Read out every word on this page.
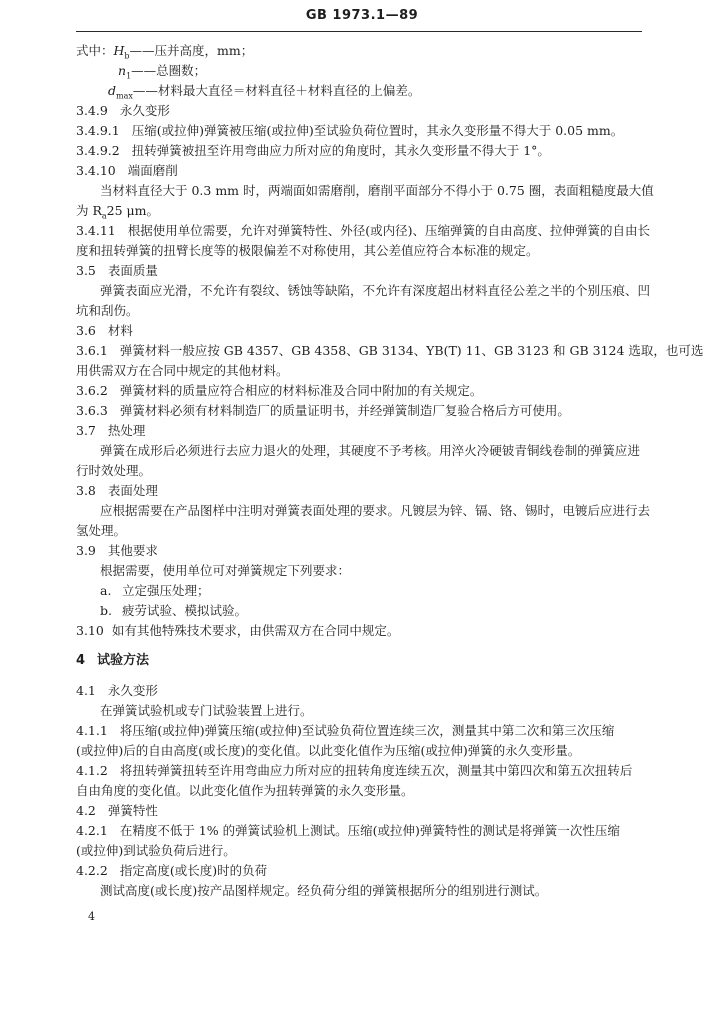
GB 1973.1—89
式中：$H_b——$压并高度，mm；
$n_1——$总圈数；
$d_{max}——$材料最大直径＝材料直径＋材料直径的上偏差。
3.4.9 永久变形
3.4.9.1 压缩(或拉伸)弹簧被压缩(或拉伸)至试验负荷位置时，其永久变形量不得大于 0.05 mm。
3.4.9.2 扭转弹簧被扭至许用弯曲应力所对应的角度时，其永久变形量不得大于 1°。
3.4.10 端面磨削
当材料直径大于 0.3 mm 时，两端面如需磨削，磨削平面部分不得小于 0.75 圈，表面粗糙度最大值
为 $R_a25$ μm。
3.4.11 根据使用单位需要，允许对弹簧特性、外径(或内径)、压缩弹簧的自由高度、拉伸弹簧的自由长
度和扭转弹簧的扭臂长度等的极限偏差不对称使用，其公差值应符合本标准的规定。
3.5 表面质量
弹簧表面应光滑，不允许有裂纹、锈蚀等缺陷，不允许有深度超出材料直径公差之半的个别压痕、凹
坑和刮伤。
3.6 材料
3.6.1 弹簧材料一般应按 GB 4357、GB 4358、GB 3134、YB(T) 11、GB 3123 和 GB 3124 选取，也可选
用供需双方在合同中规定的其他材料。
3.6.2 弹簧材料的质量应符合相应的材料标准及合同中附加的有关规定。
3.6.3 弹簧材料必须有材料制造厂的质量证明书，并经弹簧制造厂复验合格后方可使用。
3.7 热处理
弹簧在成形后必须进行去应力退火的处理，其硬度不予考核。用淬火冷硬铍青铜线卷制的弹簧应进
行时效处理。
3.8 表面处理
应根据需要在产品图样中注明对弹簧表面处理的要求。凡镀层为锌、镉、铬、锡时，电镀后应进行去
氢处理。
3.9 其他要求
根据需要，使用单位可对弹簧规定下列要求：
a. 立定强压处理；
b. 疲劳试验、模拟试验。
3.10 如有其他特殊技术要求，由供需双方在合同中规定。
4 试验方法
4.1 永久变形
在弹簧试验机或专门试验装置上进行。
4.1.1 将压缩(或拉伸)弹簧压缩(或拉伸)至试验负荷位置连续三次，测量其中第二次和第三次压缩
(或拉伸)后的自由高度(或长度)的变化值。以此变化值作为压缩(或拉伸)弹簧的永久变形量。
4.1.2 将扭转弹簧扭转至许用弯曲应力所对应的扭转角度连续五次，测量其中第四次和第五次扭转后
自由角度的变化值。以此变化值作为扭转弹簧的永久变形量。
4.2 弹簧特性
4.2.1 在精度不低于 1% 的弹簧试验机上测试。压缩(或拉伸)弹簧特性的测试是将弹簧一次性压缩
(或拉伸)到试验负荷后进行。
4.2.2 指定高度(或长度)时的负荷
测试高度(或长度)按产品图样规定。经负荷分组的弹簧根据所分的组别进行测试。
4
